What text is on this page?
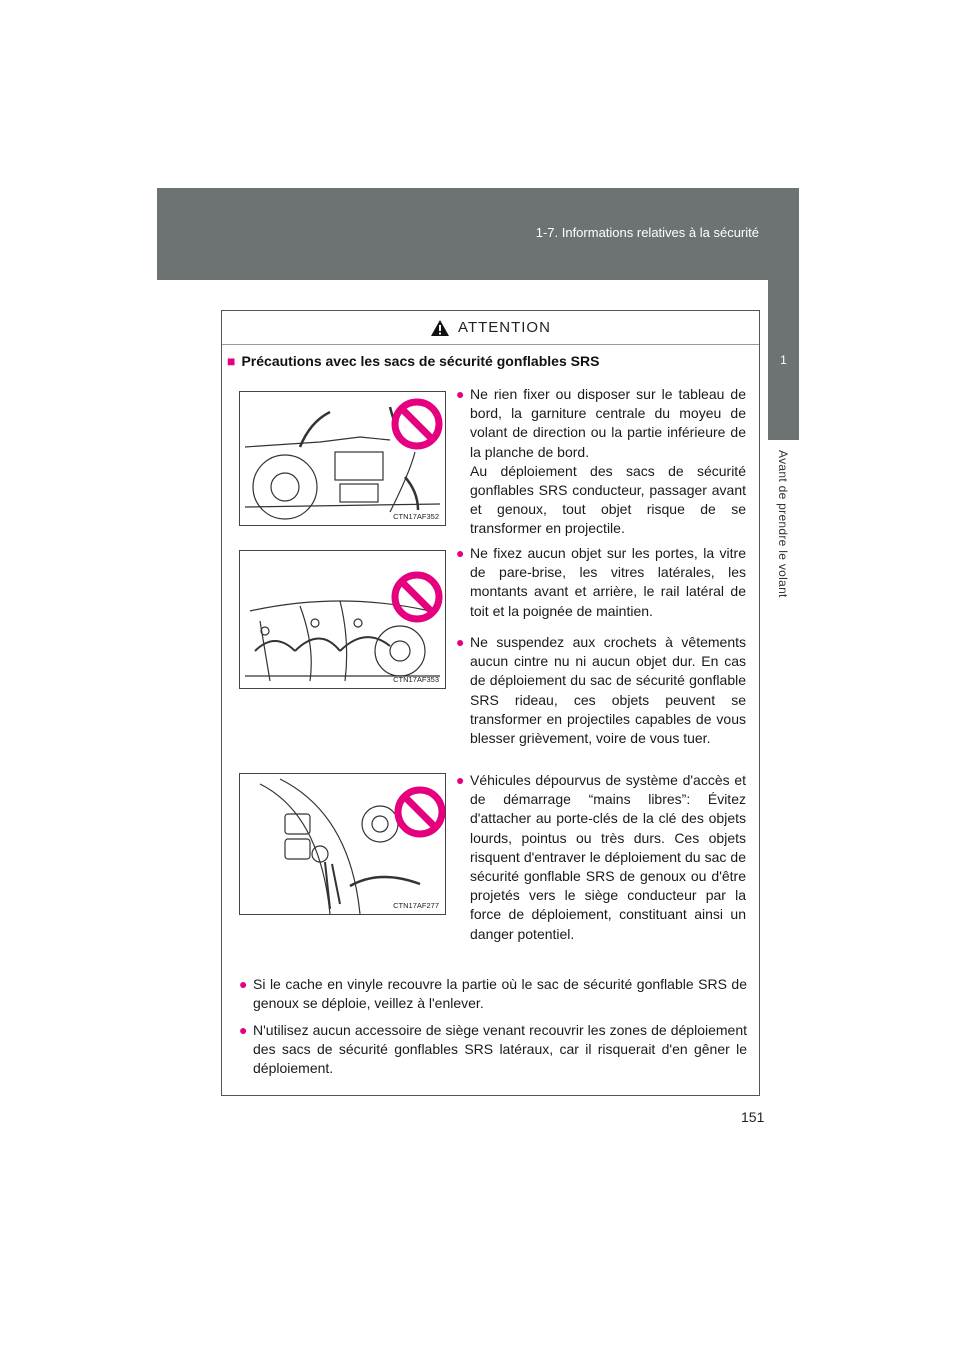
1-7. Informations relatives à la sécurité
1
Avant de prendre le volant
ATTENTION
■ Précautions avec les sacs de sécurité gonflables SRS
CTN17AF352
CTN17AF353
CTN17AF277
● Ne rien fixer ou disposer sur le tableau de bord, la garniture centrale du moyeu de volant de direction ou la partie inférieure de la planche de bord.

Au déploiement des sacs de sécurité gonflables SRS conducteur, passager avant et genoux, tout objet risque de se transformer en projectile.

● Ne fixez aucun objet sur les portes, la vitre de pare-brise, les vitres latérales, les montants avant et arrière, le rail latéral de toit et la poignée de maintien.

● Ne suspendez aux crochets à vêtements aucun cintre nu ni aucun objet dur. En cas de déploiement du sac de sécurité gonflable SRS rideau, ces objets peuvent se transformer en projectiles capables de vous blesser grièvement, voire de vous tuer.

● Véhicules dépourvus de système d'accès et de démarrage “mains libres”: Évitez d'attacher au porte-clés de la clé des objets lourds, pointus ou très durs. Ces objets risquent d'entraver le déploiement du sac de sécurité gonflable SRS de genoux ou d'être projetés vers le siège conducteur par la force de déploiement, constituant ainsi un danger potentiel.

● Si le cache en vinyle recouvre la partie où le sac de sécurité gonflable SRS de genoux se déploie, veillez à l'enlever.

● N'utilisez aucun accessoire de siège venant recouvrir les zones de déploiement des sacs de sécurité gonflables SRS latéraux, car il risquerait d'en gêner le déploiement.

151
